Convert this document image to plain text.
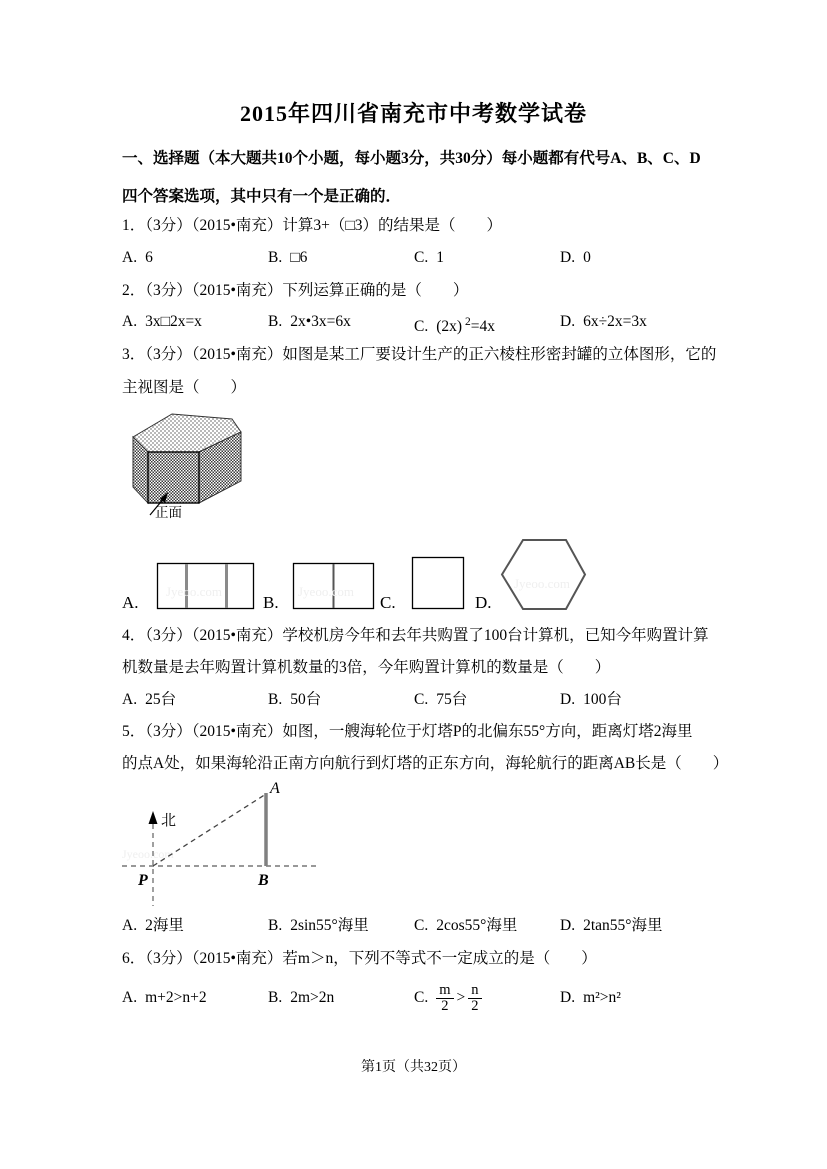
2015年四川省南充市中考数学试卷
一、选择题（本大题共10个小题，每小题3分，共30分）每小题都有代号A、B、C、D
四个答案选项，其中只有一个是正确的．
1．（3分）（2015•南充）计算3+（□3）的结果是（　　）
A. 6	B. □6	C. 1	D. 0
2．（3分）（2015•南充）下列运算正确的是（　　）
A. 3x□2x=x	B. 2x•3x=6x	C. (2x) $^2$=4x	D. 6x÷2x=3x
3．（3分）（2015•南充）如图是某工厂要设计生产的正六棱柱形密封罐的立体图形，它的
主视图是（　　）
正面
A.
Jyeoo.com
B.
Jyeoo.com
C.	D.
Jyeoo.com
4．（3分）（2015•南充）学校机房今年和去年共购置了100台计算机，已知今年购置计算
机数量是去年购置计算机数量的3倍，今年购置计算机的数量是（　　）
A. 25台	B. 50台	C. 75台	D. 100台
5．（3分）（2015•南充）如图，一艘海轮位于灯塔P的北偏东55°方向，距离灯塔2海里
的点A处，如果海轮沿正南方向航行到灯塔的正东方向，海轮航行的距离AB长是（　　）
Jyeoo.com
北
A
P	B
A. 2海里	B. 2sin55°海里	C. 2cos55°海里	D. 2tan55°海里
6．（3分）（2015•南充）若m＞n，下列不等式不一定成立的是（　　）
A. m+2>n+2	B. 2m>2n	C. $\frac{m}{2} > \frac{n}{2}$	D. m²>n²
第1页（共32页）
